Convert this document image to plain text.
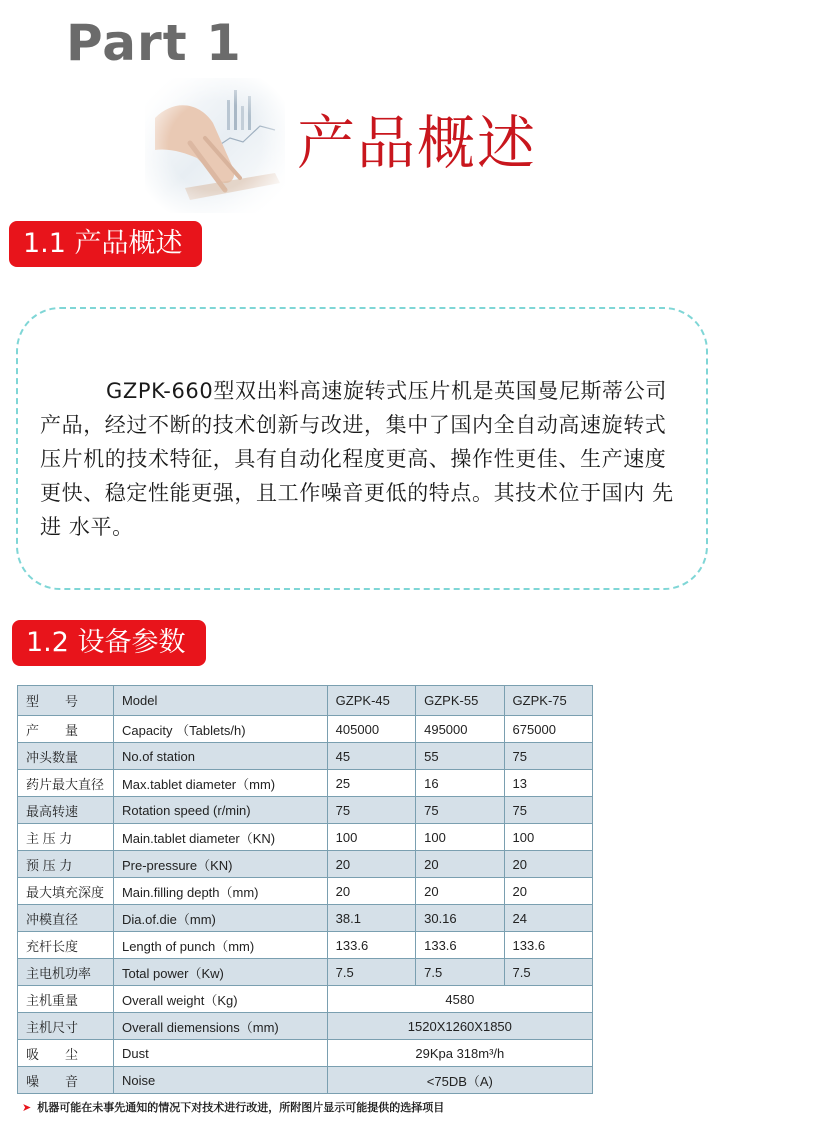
Part 1
产品概述
1.1 产品概述

GZPK-660型双出料高速旋转式压片机是英国曼尼斯蒂公司产品，经过不断的技术创新与改进，集中了国内全自动高速旋转式压片机的技术特征，具有自动化程度更高、操作性更佳、生产速度更快、稳定性能更强，且工作噪音更低的特点。其技术位于国内 先进 水平。

1.2 设备参数
型　　号	Model	GZPK-45	GZPK-55	GZPK-75
产　　量	Capacity （Tablets/h)	405000	495000	675000
冲头数量	No.of station	45	55	75
药片最大直径	Max.tablet diameter（mm)	25	16	13
最高转速	Rotation speed (r/min)	75	75	75
主 压 力	Main.tablet diameter（KN)	100	100	100
预 压 力	Pre-pressure（KN)	20	20	20
最大填充深度	Main.filling depth（mm)	20	20	20
冲模直径	Dia.of.die（mm)	38.1	30.16	24
充杆长度	Length of punch（mm)	133.6	133.6	133.6
主电机功率	Total power（Kw)	7.5	7.5	7.5
主机重量	Overall weight（Kg)	4580		
主机尺寸	Overall diemensions（mm)	1520X1260X1850		
吸　　尘	Dust	29Kpa 318m³/h		
噪　　音	Noise	<75DB（A)		
➤ 机器可能在未事先通知的情况下对技术进行改进，所附图片显示可能提供的选择项目
